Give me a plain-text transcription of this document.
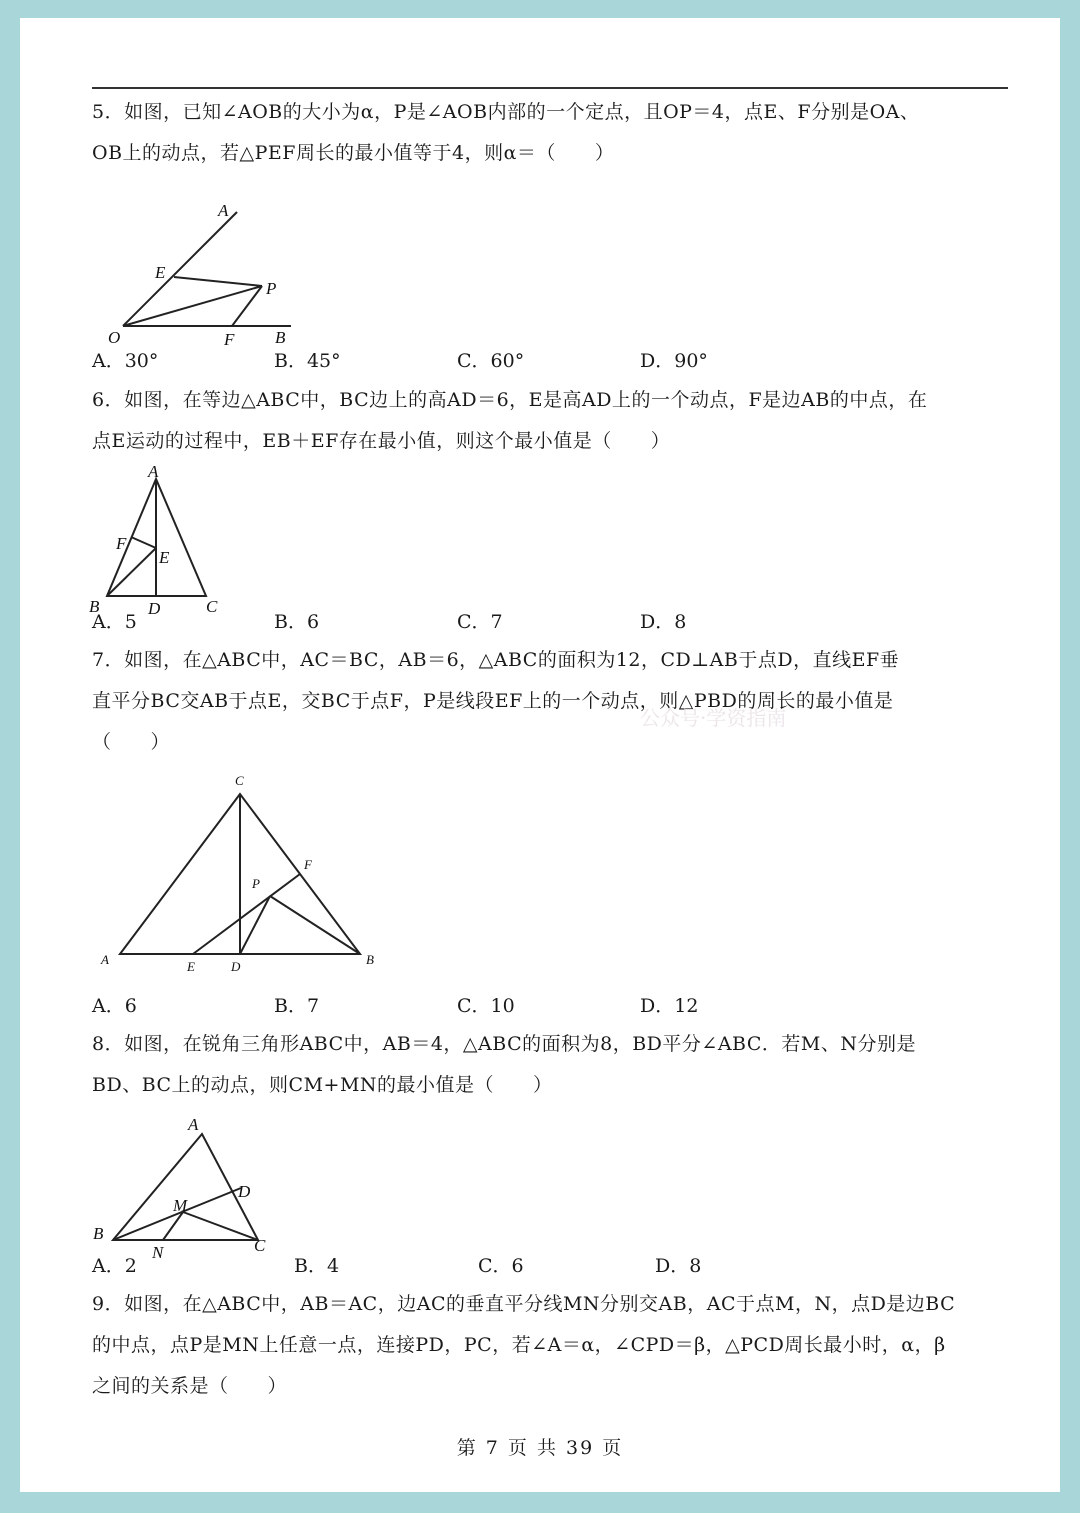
5．如图，已知∠AOB的大小为α，P是∠AOB内部的一个定点，且OP＝4，点E、F分别是OA、
OB上的动点，若△PEF周长的最小值等于4，则α＝（　　）
A
E
P
O	F B
A．30°	B．45°	C．60°	D．90°
6．如图，在等边△ABC中，BC边上的高AD＝6，E是高AD上的一个动点，F是边AB的中点，在
点E运动的过程中，EB＋EF存在最小值，则这个最小值是（　　）
A
F
E
B	D	C
A．5	B．6	C．7	D．8
7．如图，在△ABC中，AC＝BC，AB＝6，△ABC的面积为12，CD⊥AB于点D，直线EF垂
直平分BC交AB于点E，交BC于点F，P是线段EF上的一个动点，则△PBD的周长的最小值是
（　　）
C
F
P
A	E	D	B
A．6	B．7	C．10	D．12
8．如图，在锐角三角形ABC中，AB＝4，△ABC的面积为8，BD平分∠ABC．若M、N分别是
BD、BC上的动点，则CM+MN的最小值是（　　）
A
D
M
B
N	C
A．2	B．4	C．6	D．8
9．如图，在△ABC中，AB＝AC，边AC的垂直平分线MN分别交AB，AC于点M，N，点D是边BC
的中点，点P是MN上任意一点，连接PD，PC，若∠A＝α，∠CPD＝β，△PCD周长最小时，α，β
之间的关系是（　　）
公众号·学资指南
第 7 页 共 39 页
